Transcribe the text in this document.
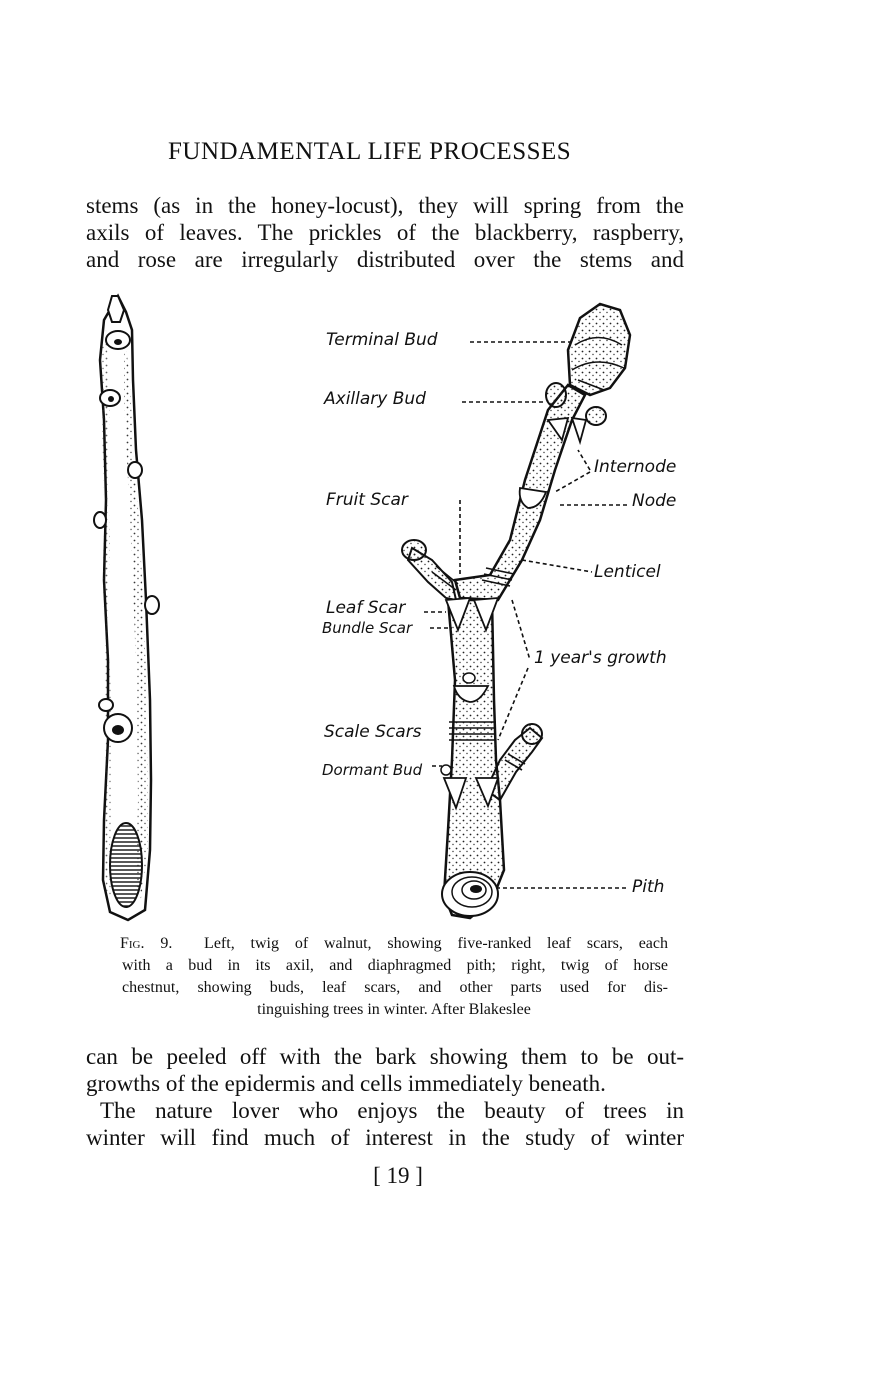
FUNDAMENTAL LIFE PROCESSES
stems (as in the honey-locust), they will spring from the
axils of leaves. The prickles of the blackberry, raspberry,
and rose are irregularly distributed over the stems and
Terminal Bud
Axillary Bud
Internode
Node
Fruit Scar
Lenticel
Leaf Scar
Bundle Scar
1 year's growth
Scale Scars
Dormant Bud
Pith
Fig. 9. Left, twig of walnut, showing five-ranked leaf scars, each
with a bud in its axil, and diaphragmed pith; right, twig of horse
chestnut, showing buds, leaf scars, and other parts used for dis-
tinguishing trees in winter. After Blakeslee
can be peeled off with the bark showing them to be out-
growths of the epidermis and cells immediately beneath.
The nature lover who enjoys the beauty of trees in
winter will find much of interest in the study of winter
[ 19 ]
